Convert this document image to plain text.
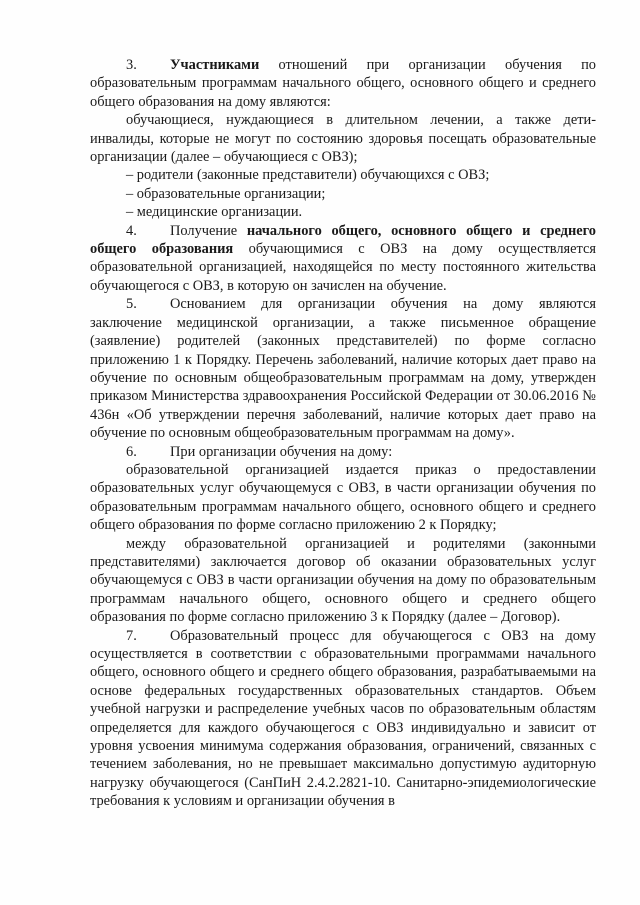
3. Участниками отношений при организации обучения по образовательным программам начального общего, основного общего и среднего общего образования на дому являются:

обучающиеся, нуждающиеся в длительном лечении, а также дети-инвалиды, которые не могут по состоянию здоровья посещать образовательные организации (далее – обучающиеся с ОВЗ);

– родители (законные представители) обучающихся с ОВЗ;

– образовательные организации;

– медицинские организации.

4. Получение начального общего, основного общего и среднего общего образования обучающимися с ОВЗ на дому осуществляется образовательной организацией, находящейся по месту постоянного жительства обучающегося с ОВЗ, в которую он зачислен на обучение.

5. Основанием для организации обучения на дому являются заключение медицинской организации, а также письменное обращение (заявление) родителей (законных представителей) по форме согласно приложению 1 к Порядку. Перечень заболеваний, наличие которых дает право на обучение по основным общеобразовательным программам на дому, утвержден приказом Министерства здравоохранения Российской Федерации от 30.06.2016 № 436н «Об утверждении перечня заболеваний, наличие которых дает право на обучение по основным общеобразовательным программам на дому».

6. При организации обучения на дому:

образовательной организацией издается приказ о предоставлении образовательных услуг обучающемуся с ОВЗ, в части организации обучения по образовательным программам начального общего, основного общего и среднего общего образования по форме согласно приложению 2 к Порядку;

между образовательной организацией и родителями (законными представителями) заключается договор об оказании образовательных услуг обучающемуся с ОВЗ в части организации обучения на дому по образовательным программам начального общего, основного общего и среднего общего образования по форме согласно приложению 3 к Порядку (далее – Договор).

7. Образовательный процесс для обучающегося с ОВЗ на дому осуществляется в соответствии с образовательными программами начального общего, основного общего и среднего общего образования, разрабатываемыми на основе федеральных государственных образовательных стандартов. Объем учебной нагрузки и распределение учебных часов по образовательным областям определяется для каждого обучающегося с ОВЗ индивидуально и зависит от уровня усвоения минимума содержания образования, ограничений, связанных с течением заболевания, но не превышает максимально допустимую аудиторную нагрузку обучающегося (СанПиН 2.4.2.2821-10. Санитарно-эпидемиологические требования к условиям и организации обучения в
